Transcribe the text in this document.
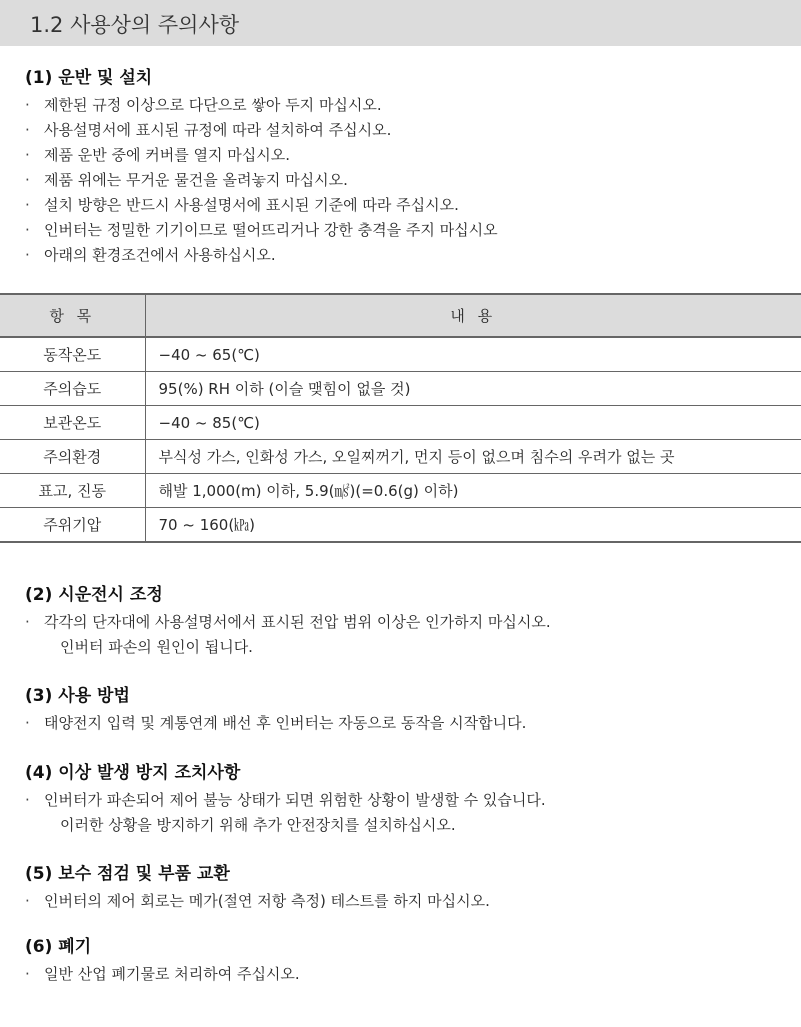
1.2 사용상의 주의사항
(1) 운반 및 설치
· 제한된 규정 이상으로 다단으로 쌓아 두지 마십시오.
· 사용설명서에 표시된 규정에 따라 설치하여 주십시오.
· 제품 운반 중에 커버를 열지 마십시오.
· 제품 위에는 무거운 물건을 올려놓지 마십시오.
· 설치 방향은 반드시 사용설명서에 표시된 기준에 따라 주십시오.
· 인버터는 정밀한 기기이므로 떨어뜨리거나 강한 충격을 주지 마십시오
· 아래의 환경조건에서 사용하십시오.
항 목	내 용
동작온도	−40 ~ 65(℃)
주의습도	95(%) RH 이하 (이슬 맺힘이 없을 것)
보관온도	−40 ~ 85(℃)
주의환경	부식성 가스, 인화성 가스, 오일찌꺼기, 먼지 등이 없으며 침수의 우려가 없는 곳
표고, 진동	해발 1,000(m) 이하, 5.9(㎨)(=0.6(g) 이하)
주위기압	70 ~ 160(㎪)
(2) 시운전시 조정
· 각각의 단자대에 사용설명서에서 표시된 전압 범위 이상은 인가하지 마십시오.
인버터 파손의 원인이 됩니다.
(3) 사용 방법
· 태양전지 입력 및 계통연계 배선 후 인버터는 자동으로 동작을 시작합니다.
(4) 이상 발생 방지 조치사항
· 인버터가 파손되어 제어 불능 상태가 되면 위험한 상황이 발생할 수 있습니다.
이러한 상황을 방지하기 위해 추가 안전장치를 설치하십시오.
(5) 보수 점검 및 부품 교환
· 인버터의 제어 회로는 메가(절연 저항 측정) 테스트를 하지 마십시오.
(6) 폐기
· 일반 산업 폐기물로 처리하여 주십시오.
